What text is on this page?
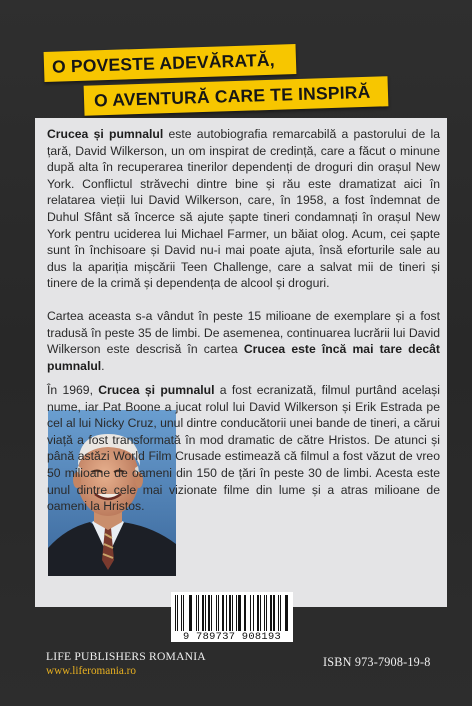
O POVESTE ADEVĂRATĂ,
O AVENTURĂ CARE TE INSPIRĂ

Crucea și pumnalul este autobiografia remarcabilă a pastorului de la țară, David Wilkerson, un om inspirat de credință, care a făcut o minune după alta în recuperarea tinerilor dependenți de droguri din orașul New York. Conflictul străvechi dintre bine și rău este dramatizat aici în relatarea vieții lui David Wilkerson, care, în 1958, a fost îndemnat de Duhul Sfânt să încerce să ajute șapte tineri condamnați în orașul New York pentru uciderea lui Michael Farmer, un băiat olog. Acum, cei șapte sunt în închisoare și David nu-i mai poate ajuta, însă eforturile sale au dus la apariția mișcării Teen Challenge, care a salvat mii de tineri și tinere de la crimă și dependența de alcool și droguri.

Cartea aceasta s-a vândut în peste 15 milioane de exemplare și a fost tradusă în peste 35 de limbi. De asemenea, continuarea lucrării lui David Wilkerson este descrisă în cartea Crucea este încă mai tare decât pumnalul.

În 1969, Crucea și pumnalul a fost ecranizată, filmul purtând același nume, iar Pat Boone a jucat rolul lui David Wilkerson și Erik Estrada pe cel al lui Nicky Cruz, unul dintre conducătorii unei bande de tineri, a cărui viață a fost transformată în mod dramatic de către Hristos. De atunci și până astăzi World Film Crusade estimează că filmul a fost văzut de vreo 50 milioane de oameni din 150 de țări în peste 30 de limbi. Acesta este unul dintre cele mai vizionate filme din lume și a atras milioane de oameni la Hristos.

9 789737 908193
LIFE PUBLISHERS ROMANIA
www.liferomania.ro
ISBN 973-7908-19-8
